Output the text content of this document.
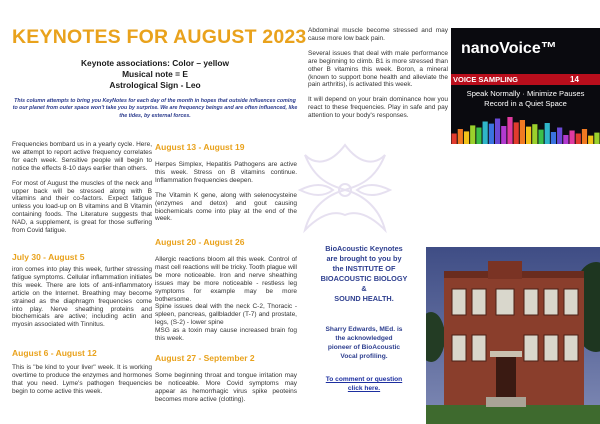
KEYNOTES FOR AUGUST 2023
Keynote associations: Color – yellow
Musical note = E
Astrological Sign - Leo
This column attempts to bring you KeyNotes for each day of the month in hopes that outside influences coming to our planet from outer space won't take you by surprise. We are frequency beings and are often influenced, like the tides, by external forces.

Frequencies bombard us in a yearly cycle. Here, we attempt to report active frequency correlates for each week. Sensitive people will begin to notice the effects 8-10 days earlier than others.

For most of August the muscles of the neck and upper back will be stressed along with B vitamins and their co-factors. Expect fatigue unless you load-up on B vitamins and B Vitamin containing foods. The Literature suggests that NAD, a supplement, is great for those suffering from Covid fatigue.

July 30 - August 5
iron comes into play this week, further stressing fatigue symptoms. Cellular inflammation initiates this week. There are lots of anti-inflammatory article on the Internet. Breathing may become strained as the diaphragm frequencies come into play. Nerve sheathing proteins and biochemicals are active; including actin and myosin associated with Tinnitus.
August 6 - August 12
This is "be kind to your liver" week. It is working overtime to produce the enzymes and hormones that you need. Lyme's pathogen frequencies begin to come active this week.
August 13 - August 19

Herpes Simplex, Hepatitis Pathogens are active this week. Stress on B vitamins continue. Inflammation frequencies deepen.

The Vitamin K gene, along with selenocysteine (enzymes and detox) and gout causing biochemicals come into play at the end of the week.

August 20 - August 26
Allergic reactions bloom all this week. Control of mast cell reactions will be tricky. Tooth plague will be more noticeable. Iron and nerve sheathing issues may be more noticeable - restless leg symptoms for example may be more bothersome.
Spine issues deal with the neck C-2, Thoracic - spleen, pancreas, gallbladder (T-7) and prostate, legs, (S-2) - lower spine
MSG as a toxin may cause increased brain fog this week.
August 27 - September 2
Some beginning throat and tongue irritation may be noticeable. More Covid symptoms may appear as hemorrhagic virus spike peoteins becomes more active (clotting).

Abdominal muscle become stressed and may cause more low back pain.

Several issues that deal with male performance are beginning to climb. B1 is more stressed than other B vitamins this week. Boron, a mineral (known to support bone health and alleviate the pain arthritis), is activated this week.

It will depend on your brain dominance how you react to these frequencies. Play in safe and pay attention to your body's responses.

nanoVoice™
VOICE SAMPLING	14
Speak Normally · Minimize Pauses
Record in a Quiet Space
BioAcoustic Keynotes
are brought to you by
the INSTITUTE OF
BIOACOUSTIC BIOLOGY
&
SOUND HEALTH.
Sharry Edwards, MEd. is
the acknowledged
pioneer of BioAcoustic
Vocal profiling.
To comment or question
click here.
